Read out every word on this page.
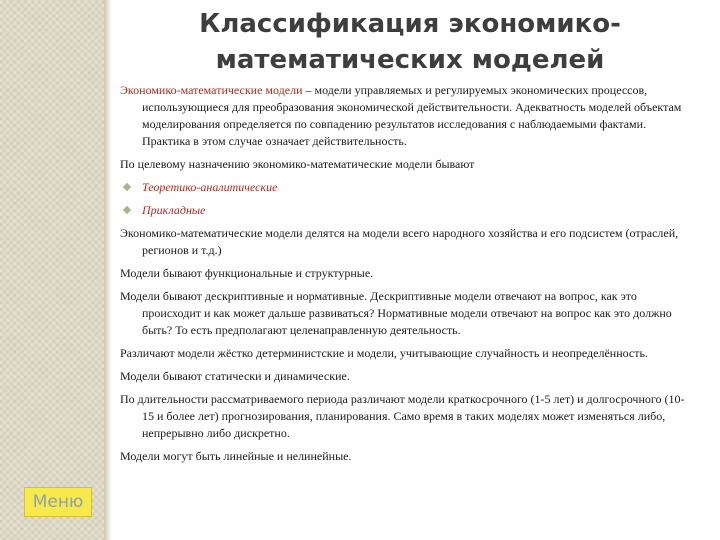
Классификация экономико-математических моделей

Экономико-математические модели – модели управляемых и регулируемых экономических процессов, использующиеся для преобразования экономической действительности. Адекватность моделей объектам моделирования определяется по совпадению результатов исследования с наблюдаемыми фактами. Практика в этом случае означает действительность.

По целевому назначению экономико-математические модели бывают

Теоретико-аналитические
Прикладные

Экономико-математические модели делятся на модели всего народного хозяйства и его подсистем (отраслей, регионов и т.д.)

Модели бывают функциональные и структурные.

Модели бывают дескриптивные и нормативные. Дескриптивные модели отвечают на вопрос, как это происходит и как может дальше развиваться? Нормативные модели отвечают на вопрос как это должно быть? То есть предполагают целенаправленную деятельность.

Различают модели жёстко детерминистские и модели, учитывающие случайность и неопределённость.

Модели бывают статически и динамические.

По длительности рассматриваемого периода различают модели краткосрочного (1-5 лет) и долгосрочного (10-15 и более лет) прогнозирования, планирования. Само время в таких моделях может изменяться либо, непрерывно либо дискретно.

Модели могут быть линейные и нелинейные.

Меню
